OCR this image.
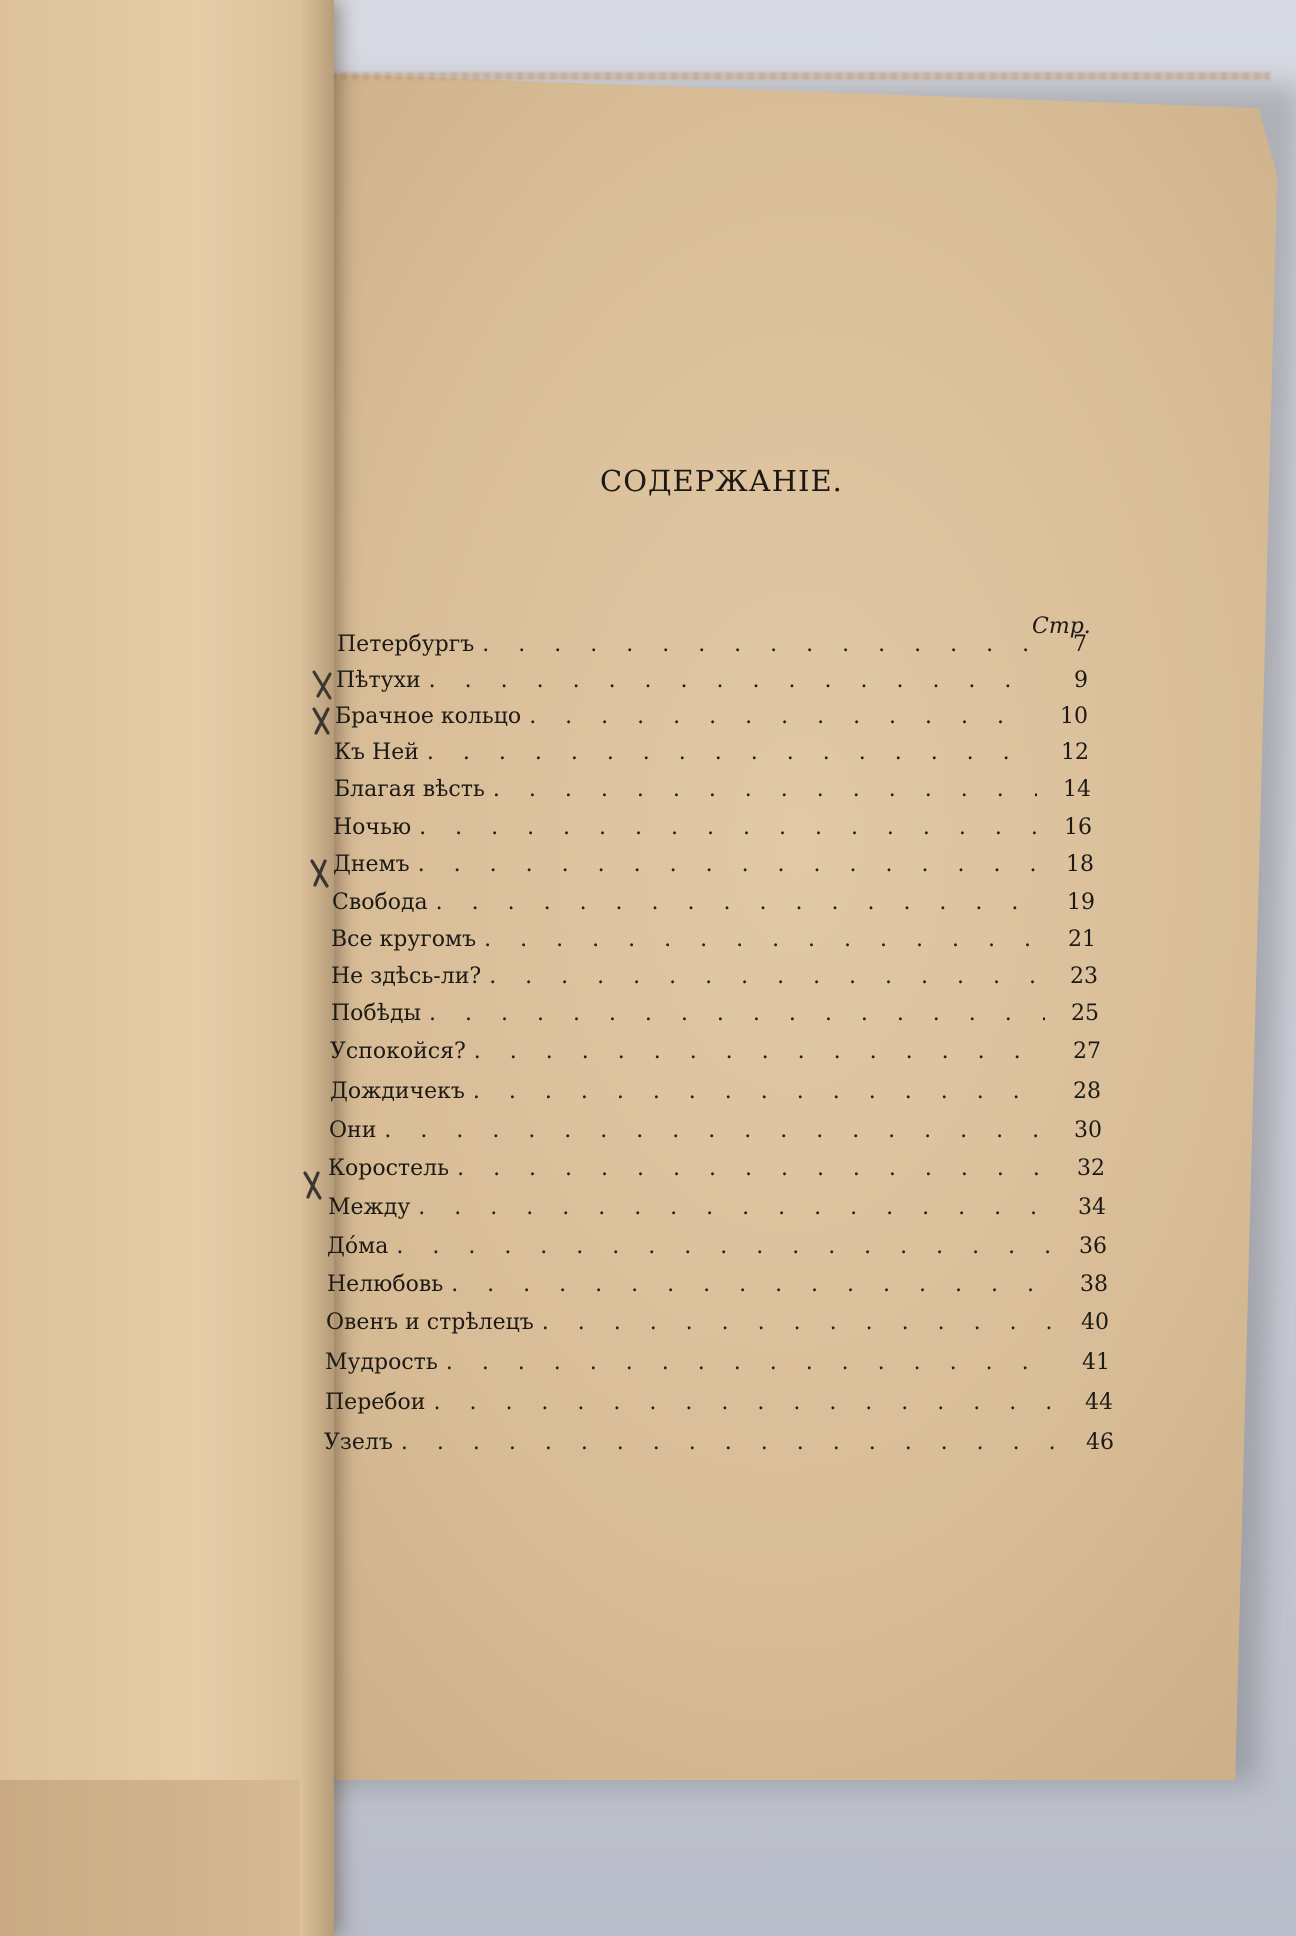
СОДЕРЖАНІЕ.
Стр.
Петербургъ . . .	7
Пѣтухи . . .	9
Брачное кольцо . . .	10
Къ Ней . . .	12
Благая вѣсть . . .	14
Ночью . . .	16
Днемъ . . .	18
Свобода . . .	19
Все кругомъ . . .	21
Не здѣсь-ли? . . .	23
Побѣды . . .	25
Успокойся? . . .	27
Дождичекъ . . .	28
Они . . .	30
Коростель . . .	32
Между . . .	34
Дóма . . .	36
Нелюбовь . . .	38
Овенъ и стрѣлецъ . . .	40
Мудрость . . .	41
Перебои . . .	44
Узелъ . . .	46
